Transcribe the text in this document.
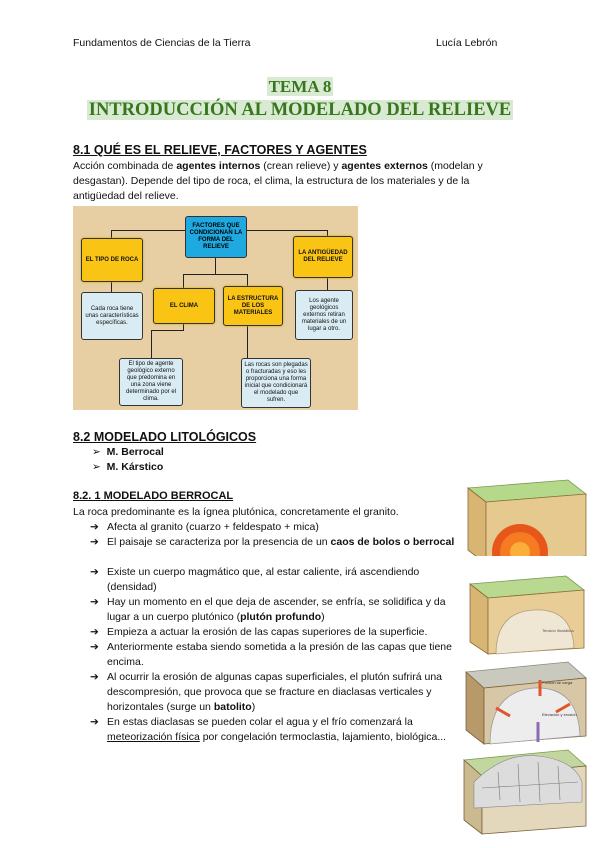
Fundamentos de Ciencias de la Tierra	Lucía Lebrón
TEMA 8
INTRODUCCIÓN AL MODELADO DEL RELIEVE
8.1 QUÉ ES EL RELIEVE, FACTORES Y AGENTES
Acción combinada de agentes internos (crean relieve) y agentes externos (modelan y desgastan). Depende del tipo de roca, el clima, la estructura de los materiales y de la antigüedad del relieve.
FACTORES QUE CONDICIONAN LA FORMA DEL RELIEVE
EL TIPO DE ROCA
LA ANTIGÜEDAD DEL RELIEVE
EL CLIMA
LA ESTRUCTURA DE LOS MATERIALES
Cada roca tiene unas características específicas.
Los agente geológicos externos retiran materiales de un lugar a otro.
El tipo de agente geológico externo que predomina en una zona viene determinado por el clima.
Las rocas son plegadas o fracturadas y eso les proporciona una forma inicial que condicionará el modelado que sufren.
8.2 MODELADO LITOLÓGICOS
➢ M. Berrocal
➢ M. Kárstico
8.2. 1 MODELADO BERROCAL
La roca predominante es la ígnea plutónica, concretamente el granito.
➔ Afecta al granito (cuarzo + feldespato + mica)
➔ El paisaje se caracteriza por la presencia de un caos de bolos o berrocal
➔ Existe un cuerpo magmático que, al estar caliente, irá ascendiendo (densidad)
➔ Hay un momento en el que deja de ascender, se enfría, se solidifica y da lugar a un cuerpo plutónico (plutón profundo)
➔ Empieza a actuar la erosión de las capas superiores de la superficie.
➔ Anteriormente estaba siendo sometida a la presión de las capas que tiene encima.
➔ Al ocurrir la erosión de algunas capas superficiales, el plutón sufrirá una descompresión, que provoca que se fracture en diaclasas verticales y horizontales (surge un batolito)
➔ En estas diaclasas se pueden colar el agua y el frío comenzará la meteorización física por congelación termoclastia, lajamiento, biológica...
Tensión litostática
Presión de carga
Elevación y erosión
